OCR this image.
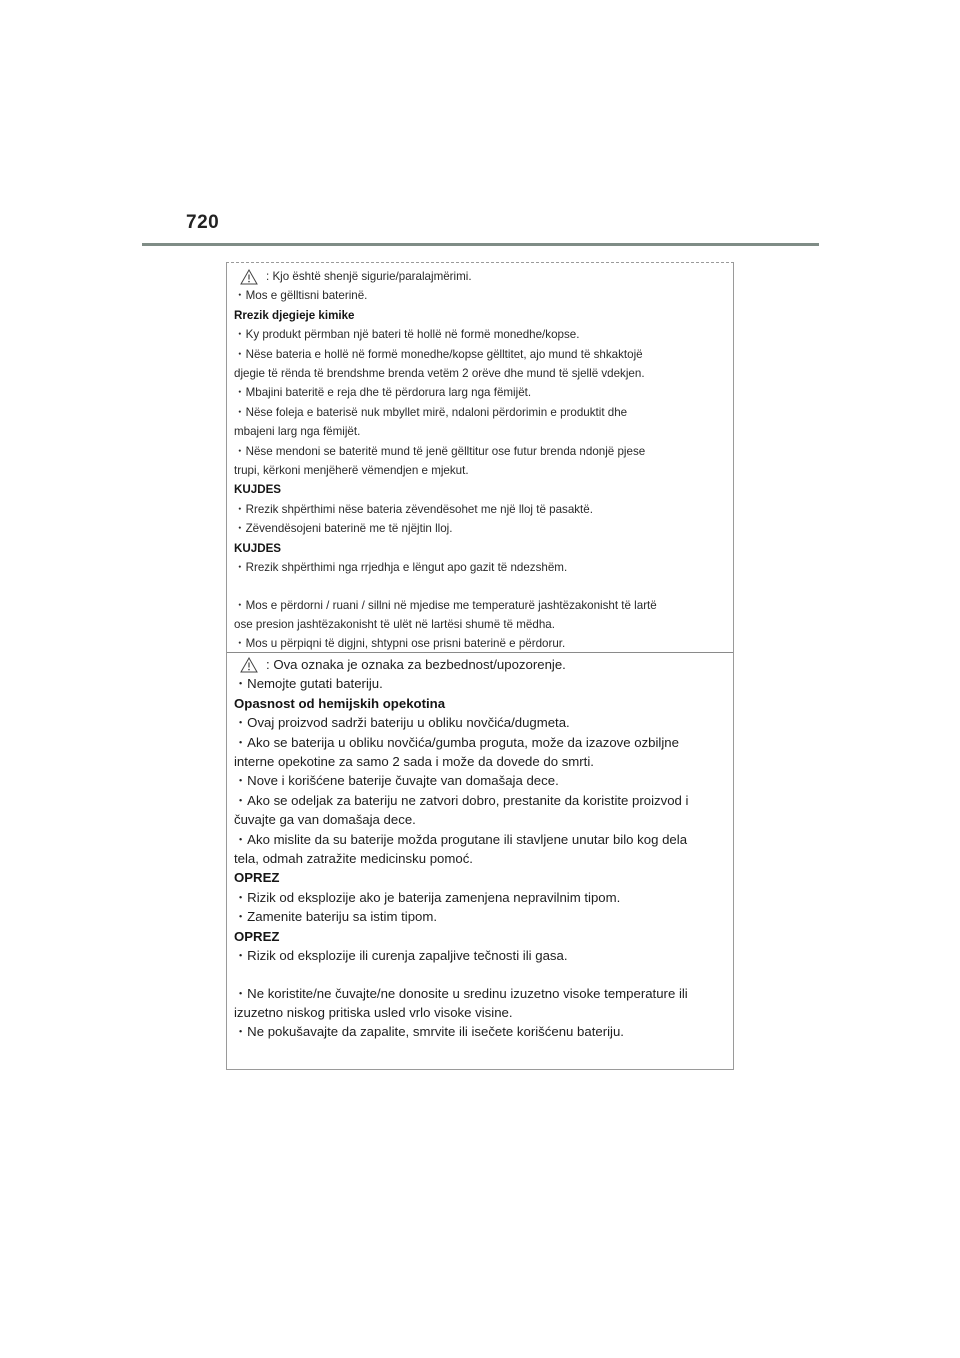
720
: Kjo është shenjë sigurie/paralajmërimi.

・Mos e gëlltisni baterinë.

Rrezik djegieje kimike

・Ky produkt përmban një bateri të hollë në formë monedhe/kopse.

・Nëse bateria e hollë në formë monedhe/kopse gëlltitet, ajo mund të shkaktojë

djegie të rënda të brendshme brenda vetëm 2 orëve dhe mund të sjellë vdekjen.

・Mbajini bateritë e reja dhe të përdorura larg nga fëmijët.

・Nëse foleja e baterisë nuk mbyllet mirë, ndaloni përdorimin e produktit dhe

mbajeni larg nga fëmijët.

・Nëse mendoni se bateritë mund të jenë gëlltitur ose futur brenda ndonjë pjese

trupi, kërkoni menjëherë vëmendjen e mjekut.

KUJDES

・Rrezik shpërthimi nëse bateria zëvendësohet me një lloj të pasaktë.

・Zëvendësojeni baterinë me të njëjtin lloj.

KUJDES

・Rrezik shpërthimi nga rrjedhja e lëngut apo gazit të ndezshëm.

・Mos e përdorni / ruani / sillni në mjedise me temperaturë jashtëzakonisht të lartë

ose presion jashtëzakonisht të ulët në lartësi shumë të mëdha.

・Mos u përpiqni të digjni, shtypni ose prisni baterinë e përdorur.

: Ova oznaka je oznaka za bezbednost/upozorenje.

・Nemojte gutati bateriju.

Opasnost od hemijskih opekotina

・Ovaj proizvod sadrži bateriju u obliku novčića/dugmeta.

・Ako se baterija u obliku novčića/gumba proguta, može da izazove ozbiljne

interne opekotine za samo 2 sada i može da dovede do smrti.

・Nove i korišćene baterije čuvajte van domašaja dece.

・Ako se odeljak za bateriju ne zatvori dobro, prestanite da koristite proizvod i

čuvajte ga van domašaja dece.

・Ako mislite da su baterije možda progutane ili stavljene unutar bilo kog dela

tela, odmah zatražite medicinsku pomoć.

OPREZ

・Rizik od eksplozije ako je baterija zamenjena nepravilnim tipom.

・Zamenite bateriju sa istim tipom.

OPREZ

・Rizik od eksplozije ili curenja zapaljive tečnosti ili gasa.

・Ne koristite/ne čuvajte/ne donosite u sredinu izuzetno visoke temperature ili

izuzetno niskog pritiska usled vrlo visoke visine.

・Ne pokušavajte da zapalite, smrvite ili isečete korišćenu bateriju.
